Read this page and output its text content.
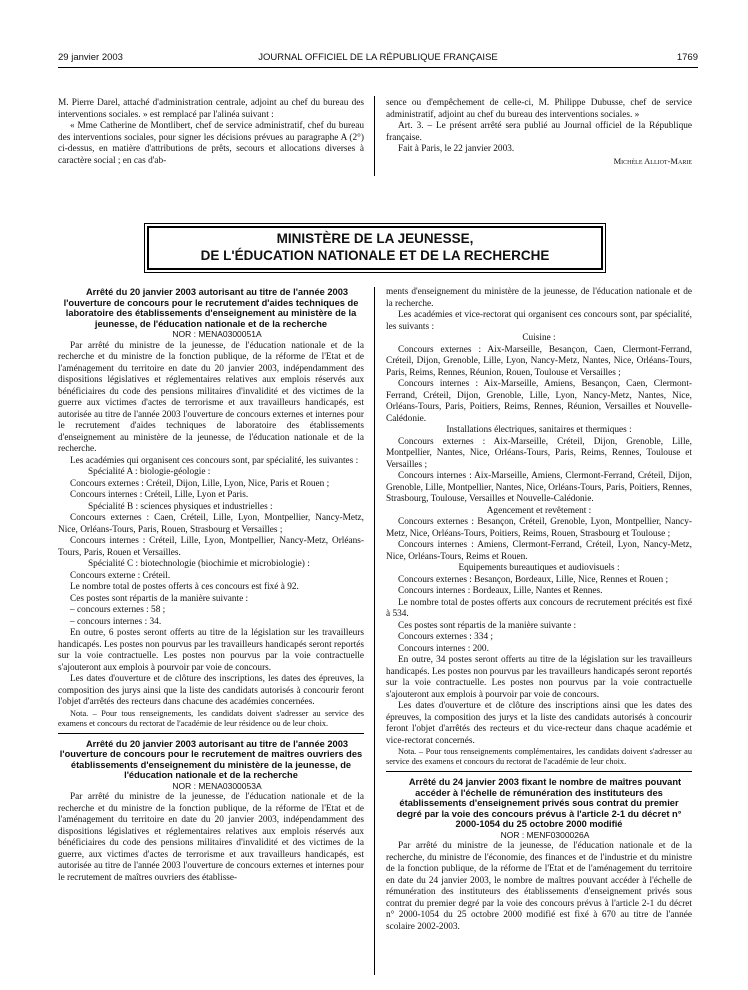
29 janvier 2003	JOURNAL OFFICIEL DE LA RÉPUBLIQUE FRANÇAISE	1769

M. Pierre Darel, attaché d'administration centrale, adjoint au chef du bureau des interventions sociales. » est remplacé par l'alinéa suivant :

« Mme Catherine de Montlibert, chef de service administratif, chef du bureau des interventions sociales, pour signer les décisions prévues au paragraphe A (2°) ci-dessus, en matière d'attributions de prêts, secours et allocations diverses à caractère social ; en cas d'ab-

sence ou d'empêchement de celle-ci, M. Philippe Dubusse, chef de service administratif, adjoint au chef du bureau des interventions sociales. »

Art. 3. – Le présent arrêté sera publié au Journal officiel de la République française.

Fait à Paris, le 22 janvier 2003.

Michèle Alliot-Marie

MINISTÈRE DE LA JEUNESSE,
DE L'ÉDUCATION NATIONALE ET DE LA RECHERCHE

Arrêté du 20 janvier 2003 autorisant au titre de l'année 2003 l'ouverture de concours pour le recrutement d'aides techniques de laboratoire des établissements d'enseignement au ministère de la jeunesse, de l'éducation nationale et de la recherche

NOR : MENA0300051A

Par arrêté du ministre de la jeunesse, de l'éducation nationale et de la recherche et du ministre de la fonction publique, de la réforme de l'Etat et de l'aménagement du territoire en date du 20 janvier 2003, indépendamment des dispositions législatives et réglementaires relatives aux emplois réservés aux bénéficiaires du code des pensions militaires d'invalidité et des victimes de la guerre aux victimes d'actes de terrorisme et aux travailleurs handicapés, est autorisée au titre de l'année 2003 l'ouverture de concours externes et internes pour le recrutement d'aides techniques de laboratoire des établissements d'enseignement au ministère de la jeunesse, de l'éducation nationale et de la recherche.

Les académies qui organisent ces concours sont, par spécialité, les suivantes :

Spécialité A : biologie-géologie :

Concours externes : Créteil, Dijon, Lille, Lyon, Nice, Paris et Rouen ;

Concours internes : Créteil, Lille, Lyon et Paris.

Spécialité B : sciences physiques et industrielles :

Concours externes : Caen, Créteil, Lille, Lyon, Montpellier, Nancy-Metz, Nice, Orléans-Tours, Paris, Rouen, Strasbourg et Versailles ;

Concours internes : Créteil, Lille, Lyon, Montpellier, Nancy-Metz, Orléans-Tours, Paris, Rouen et Versailles.

Spécialité C : biotechnologie (biochimie et microbiologie) :

Concours externe : Créteil.

Le nombre total de postes offerts à ces concours est fixé à 92.

Ces postes sont répartis de la manière suivante :

– concours externes : 58 ;

– concours internes : 34.

En outre, 6 postes seront offerts au titre de la législation sur les travailleurs handicapés. Les postes non pourvus par les travailleurs handicapés seront reportés sur la voie contractuelle. Les postes non pourvus par la voie contractuelle s'ajouteront aux emplois à pourvoir par voie de concours.

Les dates d'ouverture et de clôture des inscriptions, les dates des épreuves, la composition des jurys ainsi que la liste des candidats autorisés à concourir feront l'objet d'arrêtés des recteurs dans chacune des académies concernées.

Nota. – Pour tous renseignements, les candidats doivent s'adresser au service des examens et concours du rectorat de l'académie de leur résidence ou de leur choix.

Arrêté du 20 janvier 2003 autorisant au titre de l'année 2003 l'ouverture de concours pour le recrutement de maîtres ouvriers des établissements d'enseignement du ministère de la jeunesse, de l'éducation nationale et de la recherche

NOR : MENA0300053A

Par arrêté du ministre de la jeunesse, de l'éducation nationale et de la recherche et du ministre de la fonction publique, de la réforme de l'Etat et de l'aménagement du territoire en date du 20 janvier 2003, indépendamment des dispositions législatives et réglementaires relatives aux emplois réservés aux bénéficiaires du code des pensions militaires d'invalidité et des victimes de la guerre, aux victimes d'actes de terrorisme et aux travailleurs handicapés, est autorisée au titre de l'année 2003 l'ouverture de concours externes et internes pour le recrutement de maîtres ouvriers des établisse-

ments d'enseignement du ministère de la jeunesse, de l'éducation nationale et de la recherche.

Les académies et vice-rectorat qui organisent ces concours sont, par spécialité, les suivants :

Cuisine :

Concours externes : Aix-Marseille, Besançon, Caen, Clermont-Ferrand, Créteil, Dijon, Grenoble, Lille, Lyon, Nancy-Metz, Nantes, Nice, Orléans-Tours, Paris, Reims, Rennes, Réunion, Rouen, Toulouse et Versailles ;

Concours internes : Aix-Marseille, Amiens, Besançon, Caen, Clermont-Ferrand, Créteil, Dijon, Grenoble, Lille, Lyon, Nancy-Metz, Nantes, Nice, Orléans-Tours, Paris, Poitiers, Reims, Rennes, Réunion, Versailles et Nouvelle-Calédonie.

Installations électriques, sanitaires et thermiques :

Concours externes : Aix-Marseille, Créteil, Dijon, Grenoble, Lille, Montpellier, Nantes, Nice, Orléans-Tours, Paris, Reims, Rennes, Toulouse et Versailles ;

Concours internes : Aix-Marseille, Amiens, Clermont-Ferrand, Créteil, Dijon, Grenoble, Lille, Montpellier, Nantes, Nice, Orléans-Tours, Paris, Poitiers, Rennes, Strasbourg, Toulouse, Versailles et Nouvelle-Calédonie.

Agencement et revêtement :

Concours externes : Besançon, Créteil, Grenoble, Lyon, Montpellier, Nancy-Metz, Nice, Orléans-Tours, Poitiers, Reims, Rouen, Strasbourg et Toulouse ;

Concours internes : Amiens, Clermont-Ferrand, Créteil, Lyon, Nancy-Metz, Nice, Orléans-Tours, Reims et Rouen.

Equipements bureautiques et audiovisuels :

Concours externes : Besançon, Bordeaux, Lille, Nice, Rennes et Rouen ;

Concours internes : Bordeaux, Lille, Nantes et Rennes.

Le nombre total de postes offerts aux concours de recrutement précités est fixé à 534.

Ces postes sont répartis de la manière suivante :

Concours externes : 334 ;

Concours internes : 200.

En outre, 34 postes seront offerts au titre de la législation sur les travailleurs handicapés. Les postes non pourvus par les travailleurs handicapés seront reportés sur la voie contractuelle. Les postes non pourvus par la voie contractuelle s'ajouteront aux emplois à pourvoir par voie de concours.

Les dates d'ouverture et de clôture des inscriptions ainsi que les dates des épreuves, la composition des jurys et la liste des candidats autorisés à concourir feront l'objet d'arrêtés des recteurs et du vice-recteur dans chaque académie et vice-rectorat concernés.

Nota. – Pour tous renseignements complémentaires, les candidats doivent s'adresser au service des examens et concours du rectorat de l'académie de leur choix.

Arrêté du 24 janvier 2003 fixant le nombre de maîtres pouvant accéder à l'échelle de rémunération des instituteurs des établissements d'enseignement privés sous contrat du premier degré par la voie des concours prévus à l'article 2-1 du décret n° 2000-1054 du 25 octobre 2000 modifié

NOR : MENF0300026A

Par arrêté du ministre de la jeunesse, de l'éducation nationale et de la recherche, du ministre de l'économie, des finances et de l'industrie et du ministre de la fonction publique, de la réforme de l'Etat et de l'aménagement du territoire en date du 24 janvier 2003, le nombre de maîtres pouvant accéder à l'échelle de rémunération des instituteurs des établissements d'enseignement privés sous contrat du premier degré par la voie des concours prévus à l'article 2-1 du décret n° 2000-1054 du 25 octobre 2000 modifié est fixé à 670 au titre de l'année scolaire 2002-2003.
